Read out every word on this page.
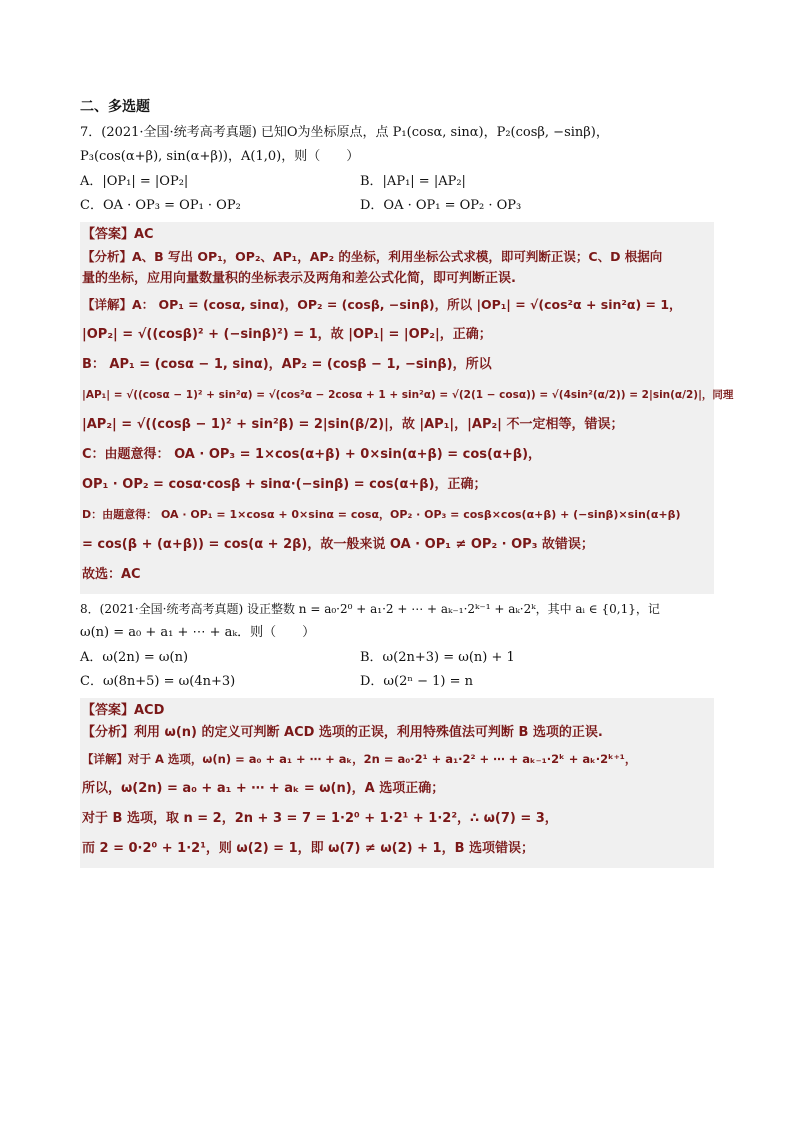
二、多选题
7．(2021·全国·统考高考真题) 已知O为坐标原点，点 P₁(cosα, sinα)，P₂(cosβ, −sinβ)，
P₃(cos(α+β), sin(α+β))，A(1,0)，则（　　）
A．|OP₁| = |OP₂|	B．|AP₁| = |AP₂|
C．OA · OP₃ = OP₁ · OP₂	D．OA · OP₁ = OP₂ · OP₃
【答案】AC
【分析】A、B 写出 OP₁，OP₂、AP₁，AP₂ 的坐标，利用坐标公式求模，即可判断正误；C、D 根据向
量的坐标，应用向量数量积的坐标表示及两角和差公式化简，即可判断正误.
【详解】A： OP₁ = (cosα, sinα)，OP₂ = (cosβ, −sinβ)，所以 |OP₁| = √(cos²α + sin²α) = 1，
|OP₂| = √((cosβ)² + (−sinβ)²) = 1，故 |OP₁| = |OP₂|，正确；
B： AP₁ = (cosα − 1, sinα)，AP₂ = (cosβ − 1, −sinβ)，所以
|AP₁| = √((cosα − 1)² + sin²α) = √(cos²α − 2cosα + 1 + sin²α) = √(2(1 − cosα)) = √(4sin²(α/2)) = 2|sin(α/2)|，同理
|AP₂| = √((cosβ − 1)² + sin²β) = 2|sin(β/2)|，故 |AP₁|，|AP₂| 不一定相等，错误；
C：由题意得： OA · OP₃ = 1×cos(α+β) + 0×sin(α+β) = cos(α+β)，
OP₁ · OP₂ = cosα·cosβ + sinα·(−sinβ) = cos(α+β)，正确；
D：由题意得： OA · OP₁ = 1×cosα + 0×sinα = cosα，OP₂ · OP₃ = cosβ×cos(α+β) + (−sinβ)×sin(α+β)
= cos(β + (α+β)) = cos(α + 2β)，故一般来说 OA · OP₁ ≠ OP₂ · OP₃ 故错误；
故选：AC
8．(2021·全国·统考高考真题) 设正整数 n = a₀·2⁰ + a₁·2 + ⋯ + aₖ₋₁·2ᵏ⁻¹ + aₖ·2ᵏ，其中 aᵢ ∈ {0,1}，记
ω(n) = a₀ + a₁ + ⋯ + aₖ．则（　　）
A．ω(2n) = ω(n)	B．ω(2n+3) = ω(n) + 1
C．ω(8n+5) = ω(4n+3)	D．ω(2ⁿ − 1) = n
【答案】ACD
【分析】利用 ω(n) 的定义可判断 ACD 选项的正误，利用特殊值法可判断 B 选项的正误.
【详解】对于 A 选项，ω(n) = a₀ + a₁ + ⋯ + aₖ，2n = a₀·2¹ + a₁·2² + ⋯ + aₖ₋₁·2ᵏ + aₖ·2ᵏ⁺¹，
所以，ω(2n) = a₀ + a₁ + ⋯ + aₖ = ω(n)，A 选项正确；
对于 B 选项，取 n = 2，2n + 3 = 7 = 1·2⁰ + 1·2¹ + 1·2²，∴ ω(7) = 3，
而 2 = 0·2⁰ + 1·2¹，则 ω(2) = 1，即 ω(7) ≠ ω(2) + 1，B 选项错误；
